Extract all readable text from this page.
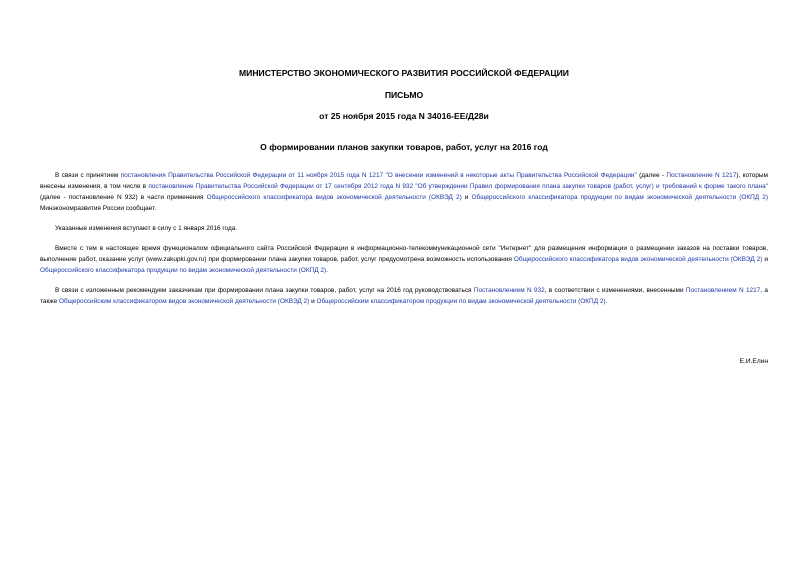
МИНИСТЕРСТВО ЭКОНОМИЧЕСКОГО РАЗВИТИЯ РОССИЙСКОЙ ФЕДЕРАЦИИ
ПИСЬМО
от 25 ноября 2015 года N 34016-ЕЕ/Д28и
О формировании планов закупки товаров, работ, услуг на 2016 год

В связи с принятием постановления Правительства Российской Федерации от 11 ноября 2015 года N 1217 "О внесении изменений в некоторые акты Правительства Российской Федерации" (далее - Постановление N 1217), которым внесены изменения, в том числе в постановление Правительства Российской Федерации от 17 сентября 2012 года N 932 "Об утверждении Правил формирования плана закупки товаров (работ, услуг) и требований к форме такого плана" (далее - постановление N 932) в части применения Общероссийского классификатора видов экономической деятельности (ОКВЭД 2) и Общероссийского классификатора продукции по видам экономической деятельности (ОКПД 2) Минэкономразвития России сообщает.

Указанные изменения вступают в силу с 1 января 2016 года.

Вместе с тем в настоящее время функционалом официального сайта Российской Федерации в информационно-телекоммуникационной сети "Интернет" для размещения информации о размещении заказов на поставки товаров, выполнение работ, оказание услуг (www.zakupki.gov.ru) при формировании плана закупки товаров, работ, услуг предусмотрена возможность использования Общероссийского классификатора видов экономической деятельности (ОКВЭД 2) и Общероссийского классификатора продукции по видам экономической деятельности (ОКПД 2).

В связи с изложенным рекомендуем заказчикам при формировании плана закупки товаров, работ, услуг на 2016 год руководствоваться Постановлением N 932, в соответствии с изменениями, внесенными Постановлением N 1217, а также Общероссийским классификатором видов экономической деятельности (ОКВЭД 2) и Общероссийским классификатором продукции по видам экономической деятельности (ОКПД 2).

Е.И.Елин
